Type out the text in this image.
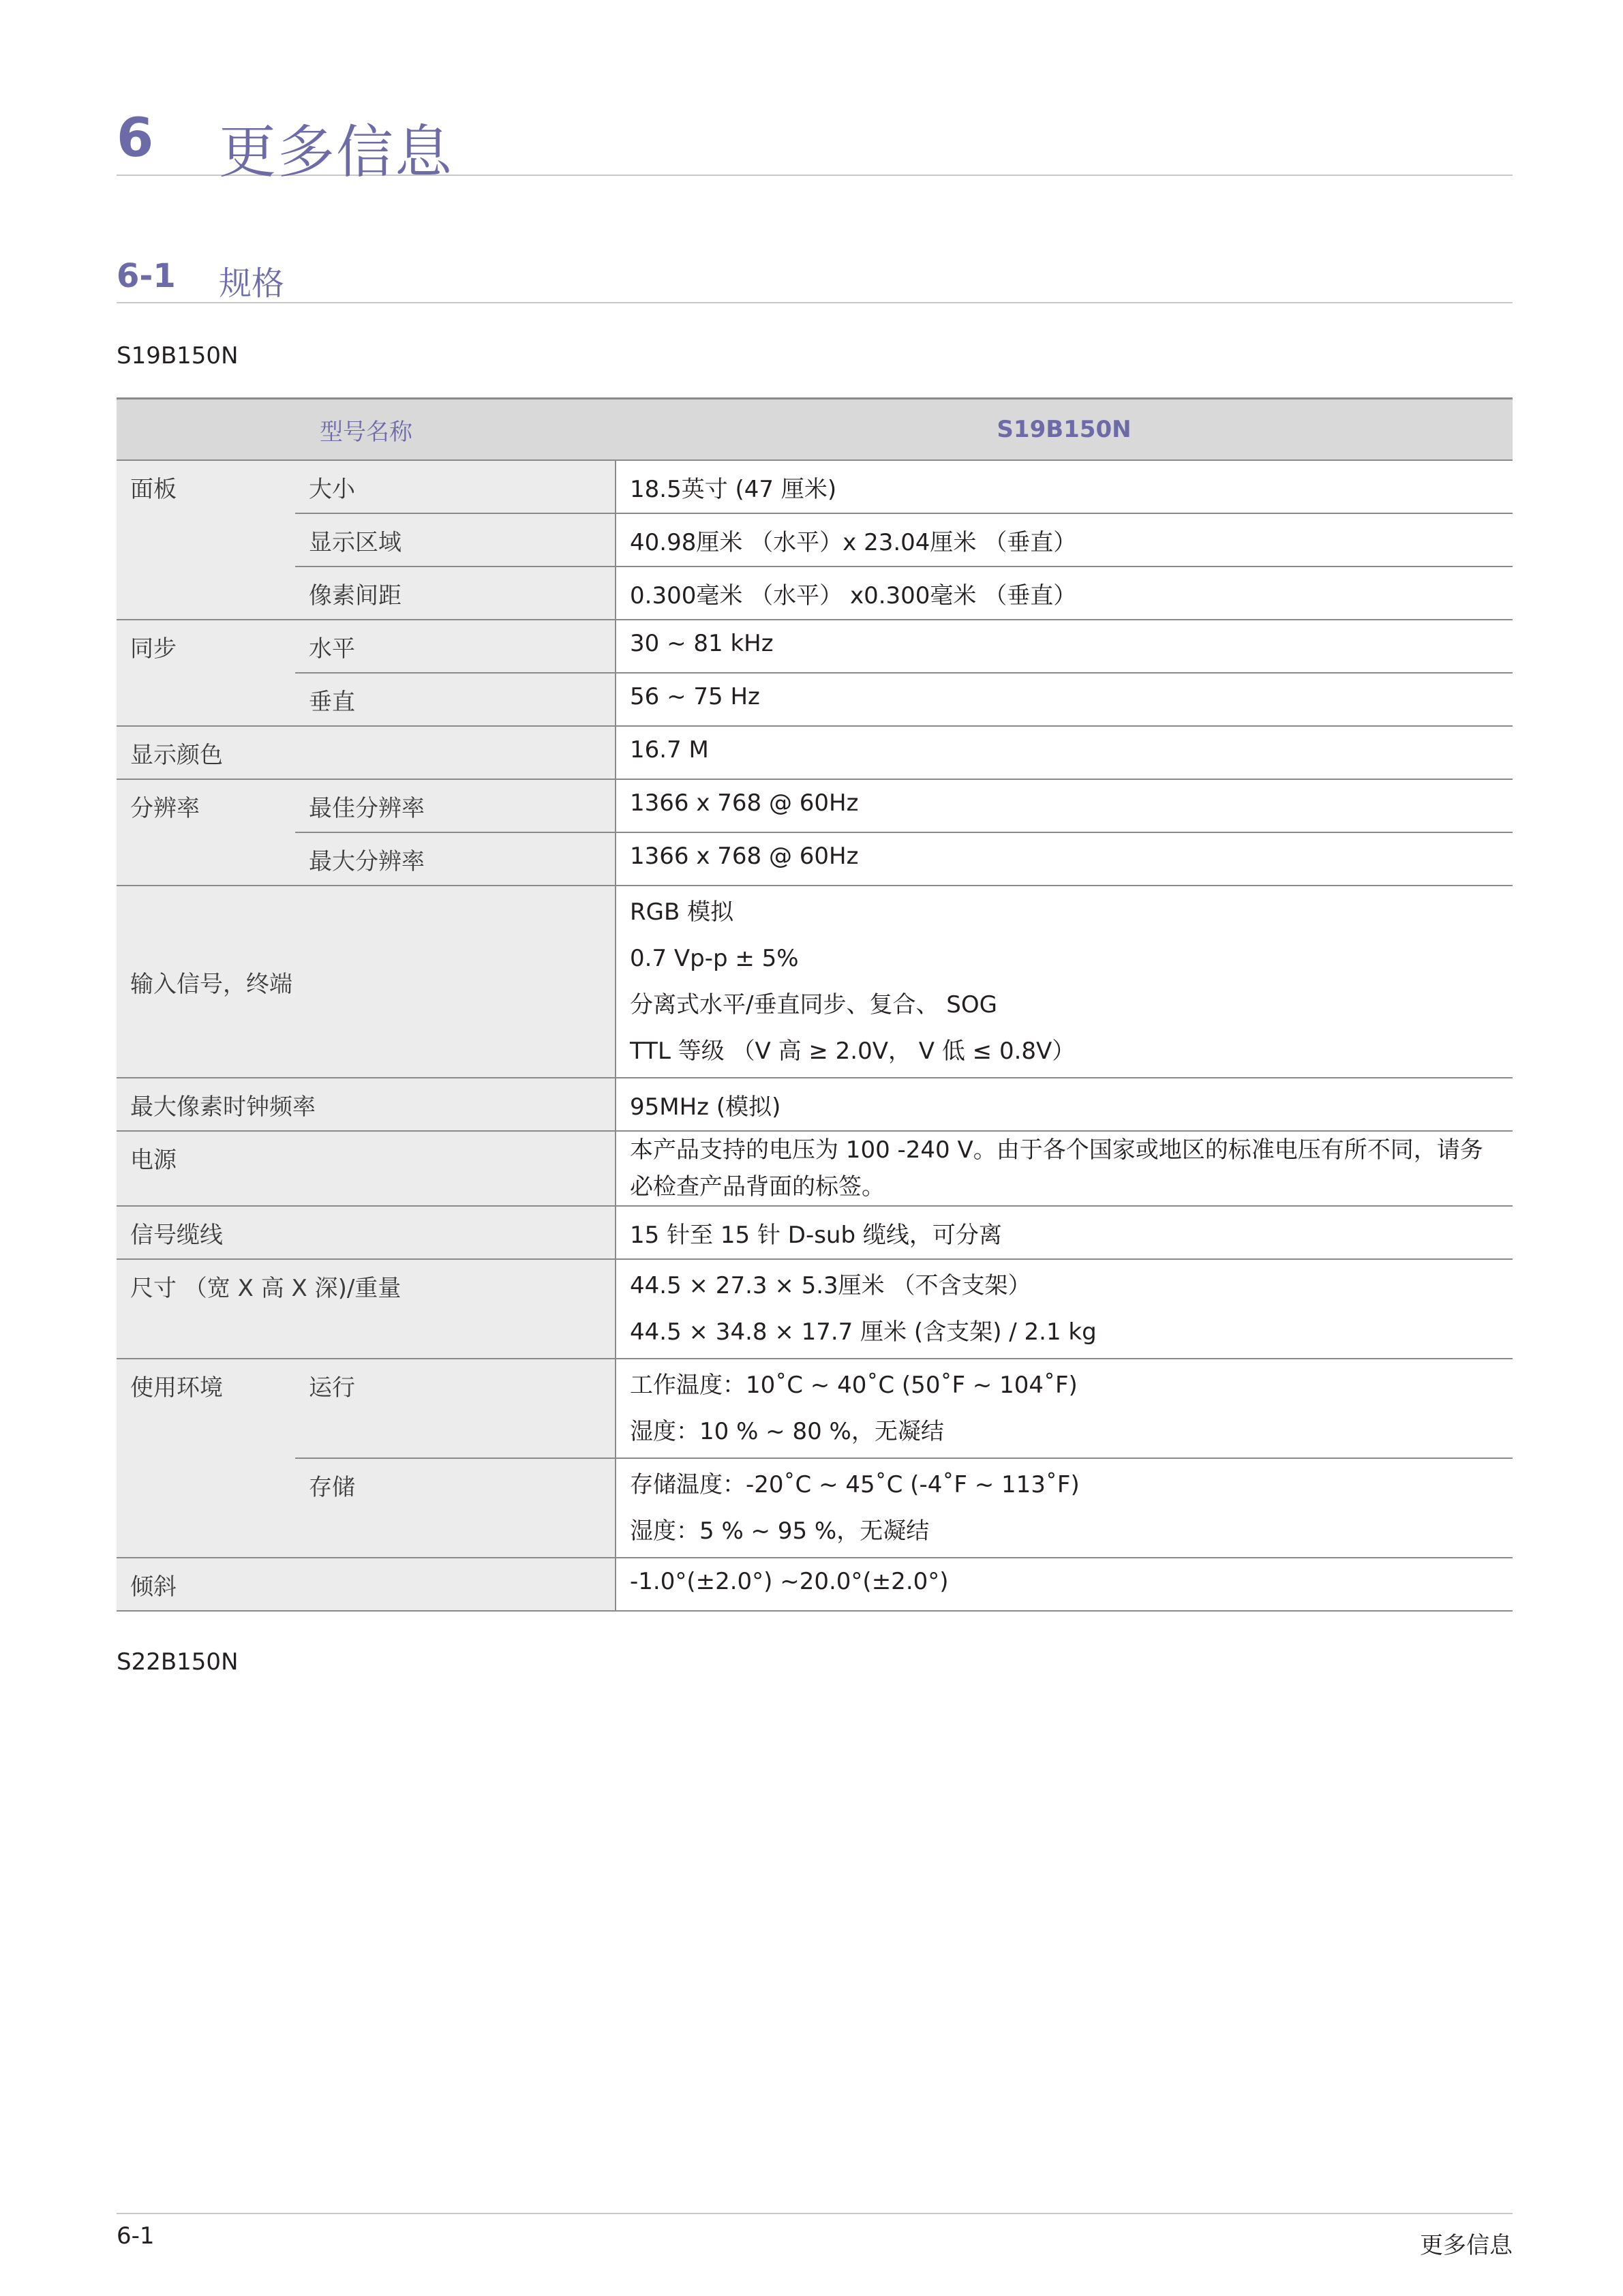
6 更多信息
6-1 规格
S19B150N
型号名称		S19B150N
面板	大小	18.5英寸 (47 厘米)
	显示区域	40.98厘米 （水平）x 23.04厘米 （垂直）
	像素间距	0.300毫米 （水平） x0.300毫米 （垂直）
同步	水平	30 ~ 81 kHz
	垂直	56 ~ 75 Hz
显示颜色		16.7 M
分辨率	最佳分辨率	1366 x 768 @ 60Hz
	最大分辨率	1366 x 768 @ 60Hz
输入信号，终端		RGB 模拟
0.7 Vp-p ± 5%
分离式水平/垂直同步、复合、 SOG
TTL 等级 （V 高 ≥ 2.0V， V 低 ≤ 0.8V）

最大像素时钟频率		95MHz (模拟)
电源		本产品支持的电压为 100 -240 V。由于各个国家或地区的标准电压有所不同，请务必检查产品背面的标签。
信号缆线		15 针至 15 针 D-sub 缆线，可分离
尺寸 （宽 X 高 X 深)/重量		44.5 × 27.3 × 5.3厘米 （不含支架）
44.5 × 34.8 × 17.7 厘米 (含支架) / 2.1 kg

使用环境	运行	工作温度：10˚C ~ 40˚C (50˚F ~ 104˚F)
湿度：10 % ~ 80 %，无凝结

	存储	存储温度：-20˚C ~ 45˚C (-4˚F ~ 113˚F)
湿度：5 % ~ 95 %，无凝结

倾斜		-1.0°(±2.0°) ~20.0°(±2.0°)
S22B150N
6-1	更多信息
